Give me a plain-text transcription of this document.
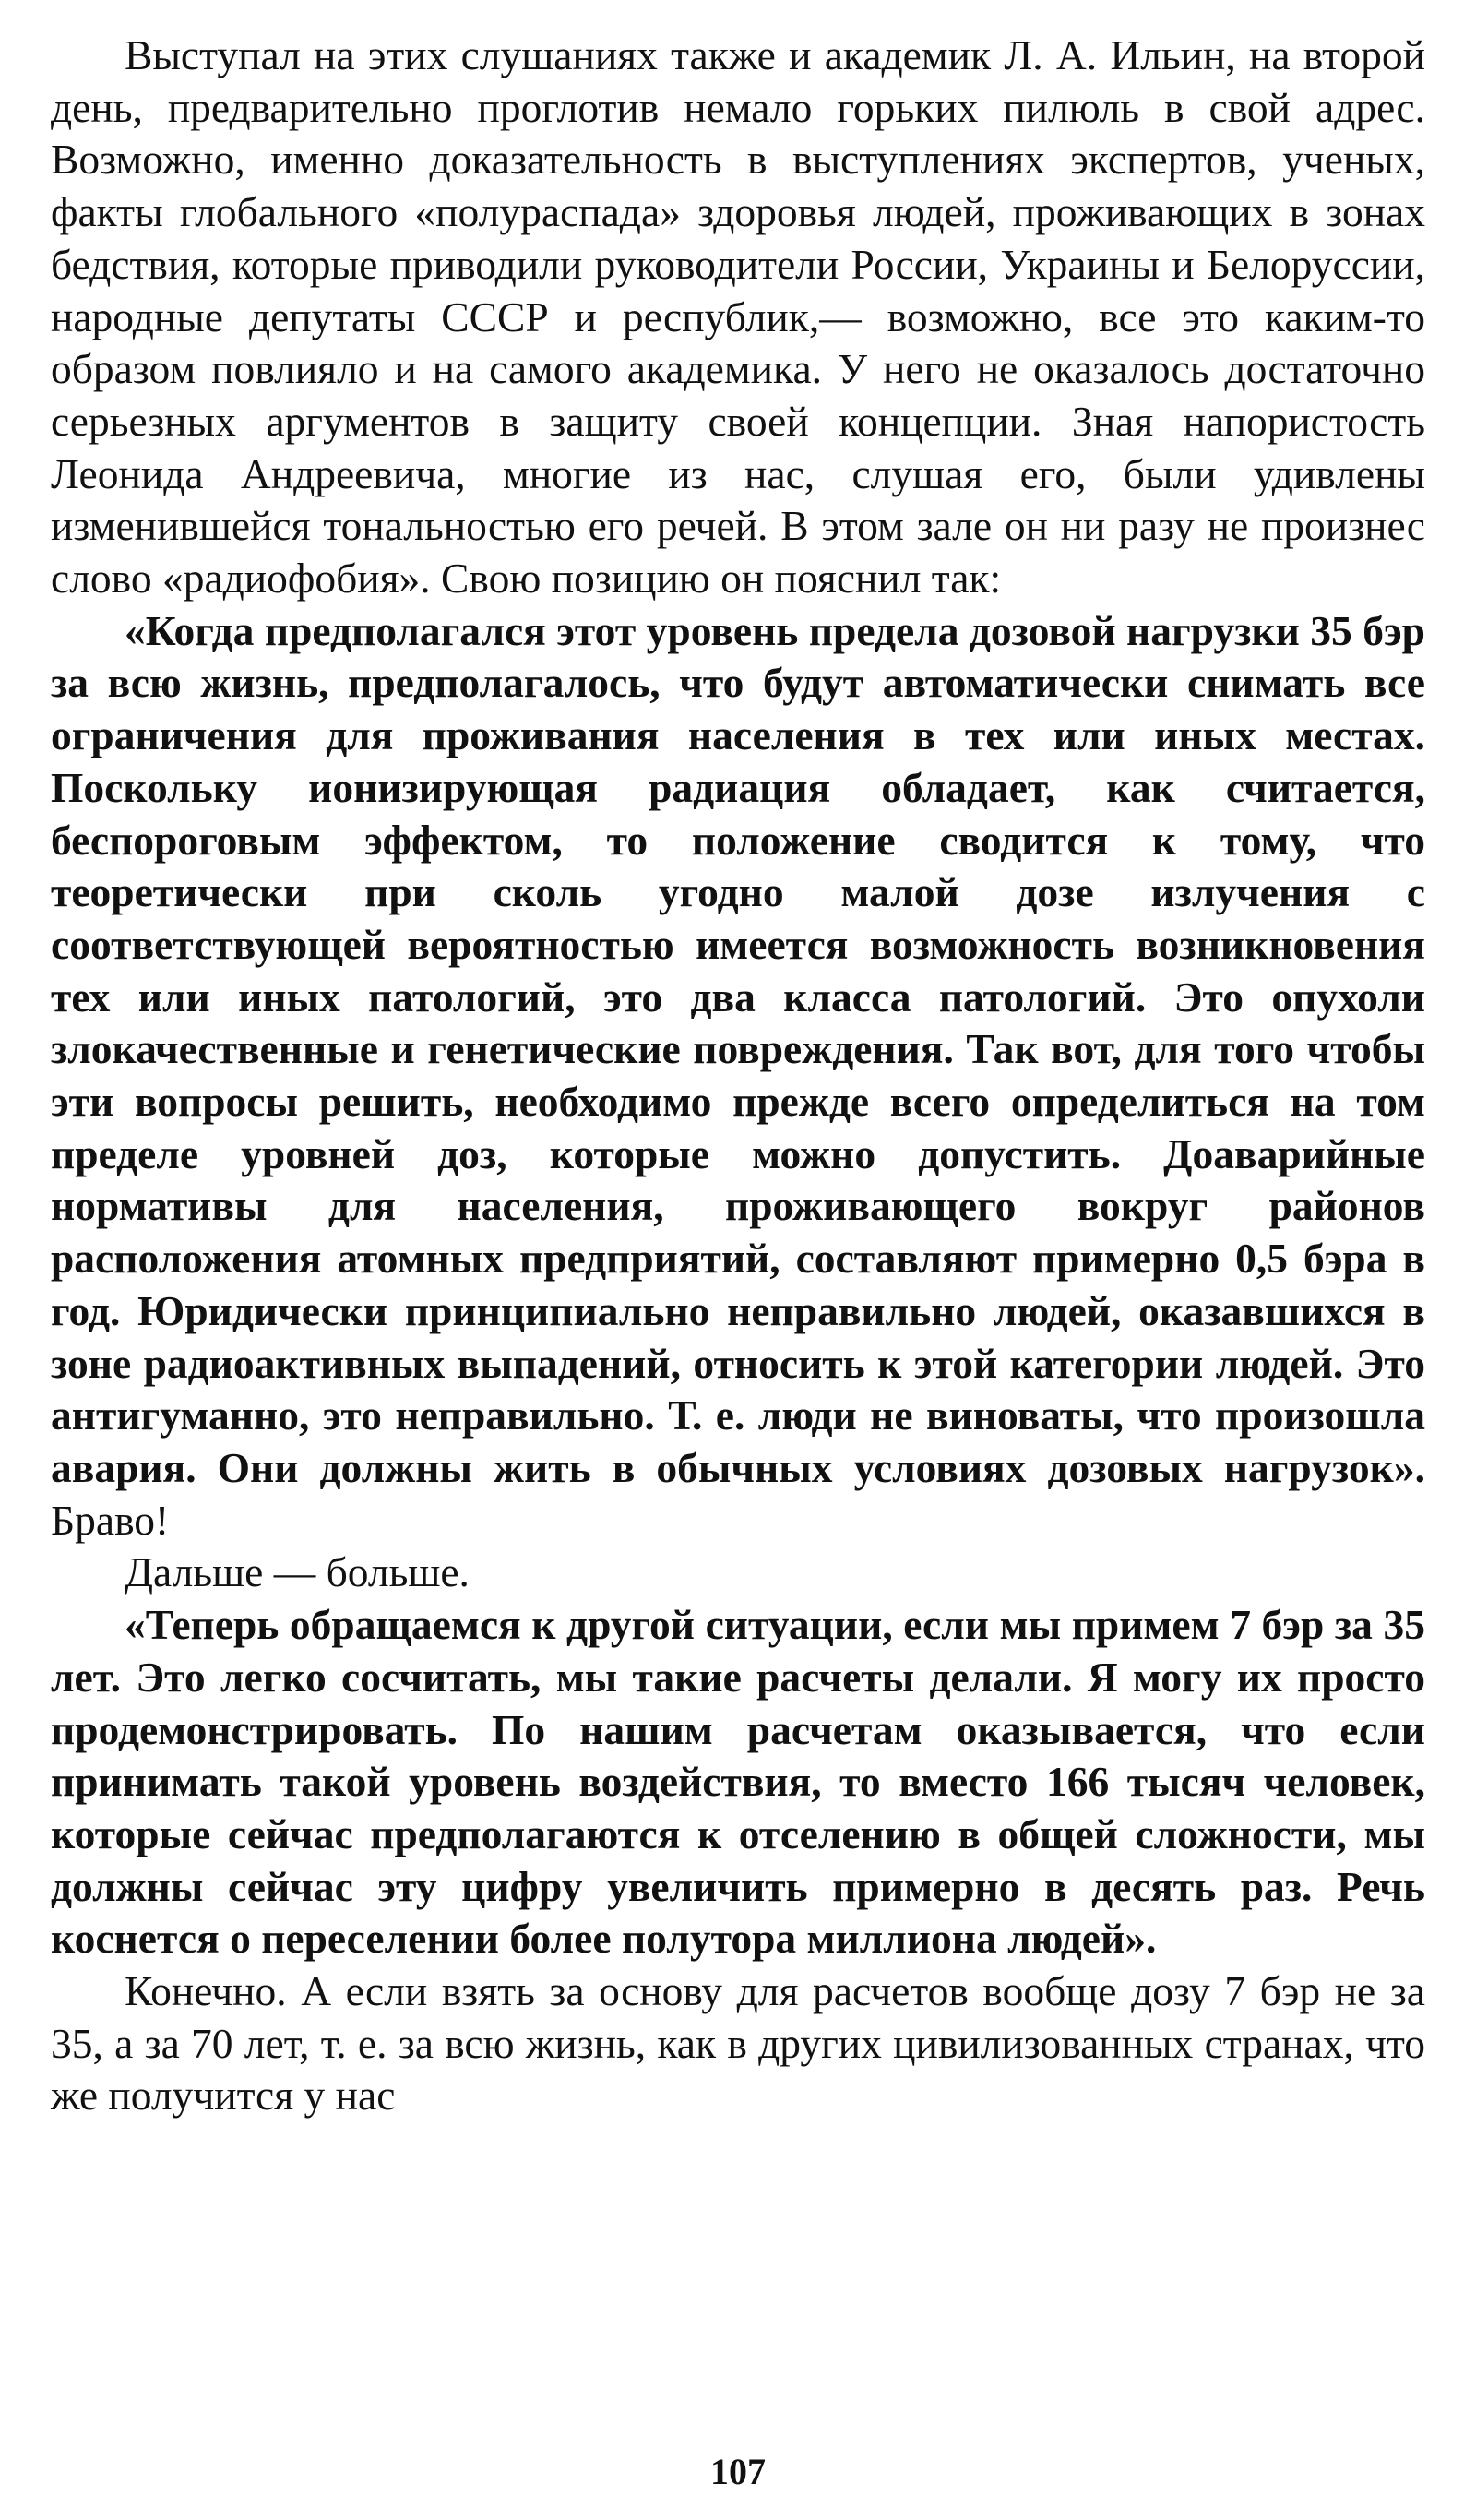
Выступал на этих слушаниях также и академик Л. А. Ильин, на второй день, предварительно проглотив немало горьких пилюль в свой адрес. Возможно, именно доказательность в выступлениях экспертов, ученых, факты глобального «полураспада» здоровья людей, проживающих в зонах бедствия, которые приводили руководители России, Украины и Белоруссии, народные депутаты СССР и республик,— возможно, все это каким-то образом повлияло и на самого академика. У него не оказалось достаточно серьезных аргументов в защиту своей концепции. Зная напористость Леонида Андреевича, многие из нас, слушая его, были удивлены изменившейся тональностью его речей. В этом зале он ни разу не произнес слово «радиофобия». Свою позицию он пояснил так:

«Когда предполагался этот уровень предела дозовой нагрузки 35 бэр за всю жизнь, предполагалось, что будут автоматически снимать все ограничения для проживания населения в тех или иных местах. Поскольку ионизирующая радиация обладает, как считается, беспороговым эффектом, то положение сводится к тому, что теоретически при сколь угодно малой дозе излучения с соответствующей вероятностью имеется возможность возникновения тех или иных патологий, это два класса патологий. Это опухоли злокачественные и генетические повреждения. Так вот, для того чтобы эти вопросы решить, необходимо прежде всего определиться на том пределе уровней доз, которые можно допустить. Доаварийные нормативы для населения, проживающего вокруг районов расположения атомных предприятий, составляют примерно 0,5 бэра в год. Юридически принципиально неправильно людей, оказавшихся в зоне радиоактивных выпадений, относить к этой категории людей. Это антигуманно, это неправильно. Т. е. люди не виноваты, что произошла авария. Они должны жить в обычных условиях дозовых нагрузок». Браво!

Дальше — больше.

«Теперь обращаемся к другой ситуации, если мы примем 7 бэр за 35 лет. Это легко сосчитать, мы такие расчеты делали. Я могу их просто продемонстрировать. По нашим расчетам оказывается, что если принимать такой уровень воздействия, то вместо 166 тысяч человек, которые сейчас предполагаются к отселению в общей сложности, мы должны сейчас эту цифру увеличить примерно в десять раз. Речь коснется о переселении более полутора миллиона людей».

Конечно. А если взять за основу для расчетов вообще дозу 7 бэр не за 35, а за 70 лет, т. е. за всю жизнь, как в других цивилизованных странах, что же получится у нас

107
